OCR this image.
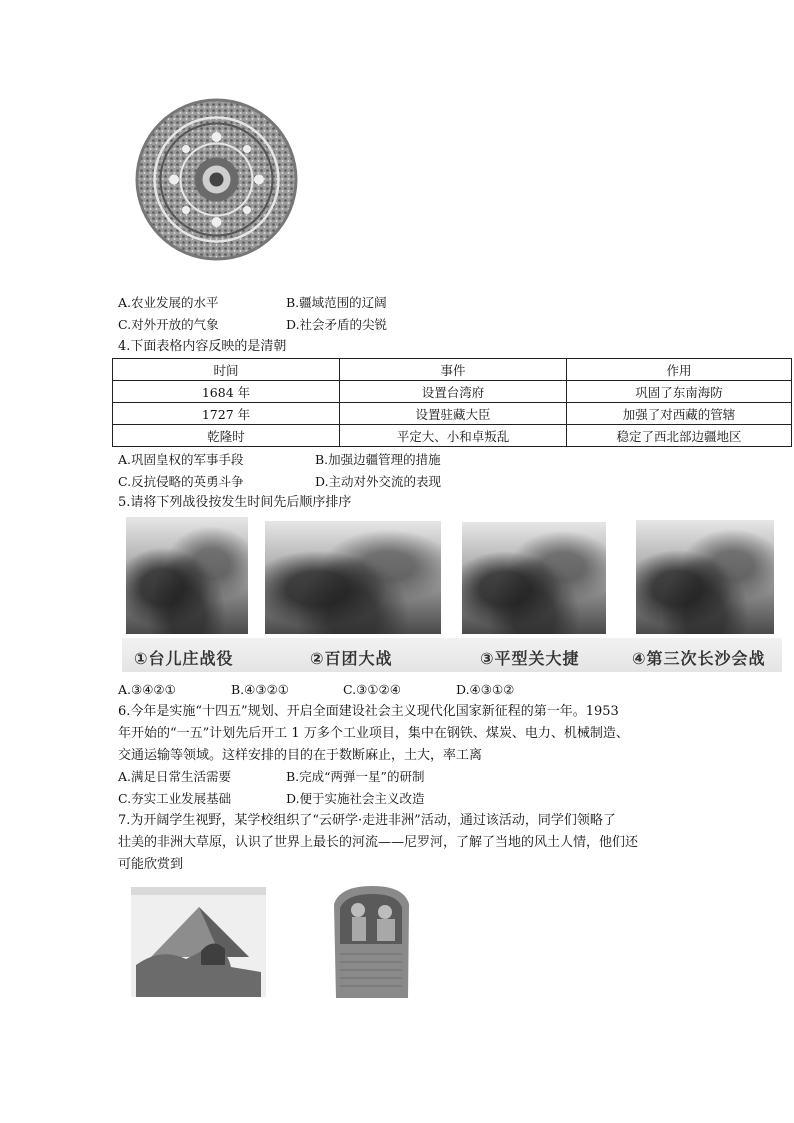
A.农业发展的水平	B.疆域范围的辽阔
C.对外开放的气象	D.社会矛盾的尖锐
4.下面表格内容反映的是清朝
时间	事件	作用
1684 年	设置台湾府	巩固了东南海防
1727 年	设置驻藏大臣	加强了对西藏的管辖
乾隆时	平定大、小和卓叛乱	稳定了西北部边疆地区
A.巩固皇权的军事手段	B.加强边疆管理的措施
C.反抗侵略的英勇斗争	D.主动对外交流的表现
5.请将下列战役按发生时间先后顺序排序
①台儿庄战役	②百团大战	③平型关大捷	④第三次长沙会战
A.③④②①	B.④③②①	C.③①②④	D.④③①②
6.今年是实施“十四五”规划、开启全面建设社会主义现代化国家新征程的第一年。1953
年开始的“一五”计划先后开工 1 万多个工业项目，集中在钢铁、煤炭、电力、机械制造、
交通运输等领域。这样安排的目的在于数断麻止，土大，率工离
A.满足日常生活需要	B.完成“两弹一星”的研制
C.夯实工业发展基础	D.便于实施社会主义改造
7.为开阔学生视野，某学校组织了“云研学·走进非洲”活动，通过该活动，同学们领略了
壮美的非洲大草原，认识了世界上最长的河流——尼罗河，了解了当地的风土人情，他们还
可能欣赏到
